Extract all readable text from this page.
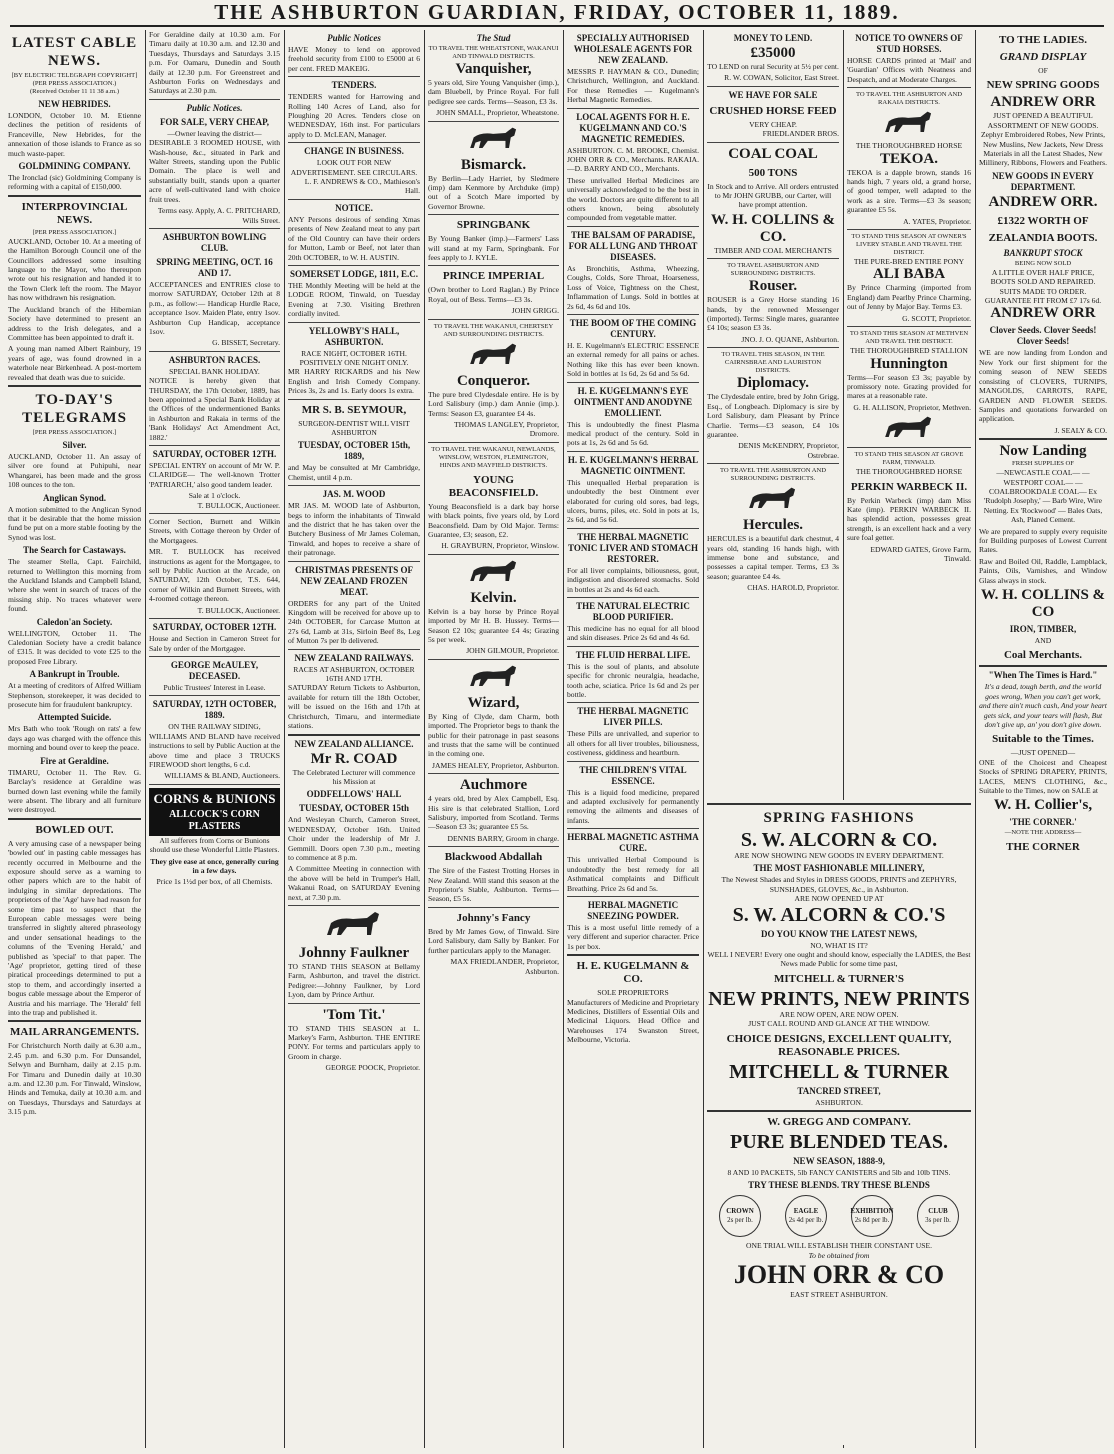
THE ASHBURTON GUARDIAN, FRIDAY, OCTOBER 11, 1889.
LATEST CABLE NEWS.
[BY ELECTRIC TELEGRAPH COPYRIGHT]
(PER PRESS ASSOCIATION.)
(Received October 11 11 38 a.m.)
NEW HEBRIDES.
LONDON, October 10. M. Etienne declines the petition of residents of Franceville, New Hebrides, for the annexation of those islands to France as so much waste-paper.
GOLDMINING COMPANY.
The Ironclad (sic) Goldmining Company is reforming with a capital of £150,000.
INTERPROVINCIAL NEWS.
[PER PRESS ASSOCIATION.]
AUCKLAND, October 10. At a meeting of the Hamilton Borough Council one of the Councillors addressed some insulting language to the Mayor, who thereupon wrote out his resignation and handed it to the Town Clerk left the room. The Mayor has now withdrawn his resignation.
The Auckland branch of the Hibernian Society have determined to present an address to the Irish delegates, and a Committee has been appointed to draft it.
A young man named Albert Rainbury, 19 years of age, was found drowned in a waterhole near Birkenhead. A post-mortem revealed that death was due to suicide.
TO-DAY'S TELEGRAMS
[PER PRESS ASSOCIATION.]
Silver.
AUCKLAND, October 11. An assay of silver ore found at Puhipuhi, near Whangarei, has been made and the gross 108 ounces to the ton.
Anglican Synod.
A motion submitted to the Anglican Synod that it be desirable that the home mission fund be put on a more stable footing by the Synod was lost.
The Search for Castaways.
The steamer Stella, Capt. Fairchild, returned to Wellington this morning from the Auckland Islands and Campbell Island, where she went in search of traces of the missing ship. No traces whatever were found.
Caledon'an Society.
WELLINGTON, October 11. The Caledonian Society have a credit balance of £315. It was decided to vote £25 to the proposed Free Library.
A Bankrupt in Trouble.
At a meeting of creditors of Alfred William Stephenson, storekeeper, it was decided to prosecute him for fraudulent bankruptcy.
Attempted Suicide.
Mrs Bath who took 'Rough on rats' a few days ago was charged with the offence this morning and bound over to keep the peace.
Fire at Geraldine.
TIMARU, October 11. The Rev. G. Barclay's residence at Geraldine was burned down last evening while the family were absent. The library and all furniture were destroyed.
BOWLED OUT.
A very amusing case of a newspaper being 'bowled out' in pasting cable messages has recently occurred in Melbourne and the exposure should serve as a warning to other papers which are to the habit of indulging in similar depredations. The proprietors of the 'Age' have had reason for some time past to suspect that the European cable messages were being transferred in slightly altered phraseology and under sensational headings to the columns of the 'Evening Herald,' and published as 'special' to that paper. The 'Age' proprietor, getting tired of these piratical proceedings determined to put a stop to them, and accordingly inserted a bogus cable message about the Emperor of Austria and his marriage. The 'Herald' fell into the trap and published it.
MAIL ARRANGEMENTS.
For Christchurch North daily at 6.30 a.m., 2.45 p.m. and 6.30 p.m. For Dunsandel, Selwyn and Burnham, daily at 2.15 p.m. For Timaru and Dunedin daily at 10.30 a.m. and 12.30 p.m. For Tinwald, Winslow, Hinds and Temuka, daily at 10.30 a.m. and on Tuesdays, Thursdays and Saturdays at 3.15 p.m.
For Geraldine daily at 10.30 a.m. For Timaru daily at 10.30 a.m. and 12.30 and Tuesdays, Thursdays and Saturdays 3.15 p.m. For Oamaru, Dunedin and South daily at 12.30 p.m. For Greenstreet and Ashburton Forks on Wednesdays and Saturdays at 2.30 p.m.
Public Notices.
FOR SALE, VERY CHEAP,
—Owner leaving the district—
DESIRABLE 3 ROOMED HOUSE, with Wash-house, &c., situated in Park and Walter Streets, standing upon the Public Domain. The place is well and substantially built, stands upon a quarter acre of well-cultivated land with choice fruit trees.
Terms easy. Apply, A. C. PRITCHARD, Wills Street.
ASHBURTON BOWLING CLUB.
SPRING MEETING, OCT. 16 AND 17.
ACCEPTANCES and ENTRIES close to morrow SATURDAY, October 12th at 8 p.m., as follow:— Handicap Hurdle Race, acceptance 1sov. Maiden Plate, entry 1sov. Ashburton Cup Handicap, acceptance 1sov.
G. BISSET, Secretary.
ASHBURTON RACES.
SPECIAL BANK HOLIDAY.
NOTICE is hereby given that THURSDAY, the 17th October, 1889, has been appointed a Special Bank Holiday at the Offices of the undermentioned Banks in Ashburton and Rakaia in terms of the 'Bank Holidays' Act Amendment Act, 1882.'
SATURDAY, OCTOBER 12TH.
SPECIAL ENTRY on account of Mr W. P. CLARIDGE— The well-known Trotter 'PATRIARCH,' also good tandem leader.
Sale at 1 o'clock.
T. BULLOCK, Auctioneer.
Corner Section, Burnett and Wilkin Streets, with Cottage thereon by Order of the Mortgagees.
MR. T. BULLOCK has received instructions as agent for the Mortgagee, to sell by Public Auction at the Arcade, on SATURDAY, 12th October, T.S. 644, corner of Wilkin and Burnett Streets, with 4-roomed cottage thereon.
T. BULLOCK, Auctioneer.
SATURDAY, OCTOBER 12TH.
House and Section in Cameron Street for Sale by order of the Mortgagee.
GEORGE McAULEY, DECEASED.
Public Trustees' Interest in Lease.
SATURDAY, 12TH OCTOBER, 1889.
ON THE RAILWAY SIDING,
WILLIAMS AND BLAND have received instructions to sell by Public Auction at the above time and place 3 TRUCKS FIREWOOD short lengths, 6 c.d.
WILLIAMS & BLAND, Auctioneers.
CORNS & BUNIONS
ALLCOCK'S CORN PLASTERS
All sufferers from Corns or Bunions should use these Wonderful Little Plasters.
They give ease at once, generally curing in a few days.
Price 1s 1½d per box, of all Chemists.
Public Notices
HAVE Money to lend on approved freehold security from £100 to £5000 at 6 per cent. FRED MAKEIG.
TENDERS.
TENDERS wanted for Harrowing and Rolling 140 Acres of Land, also for Ploughing 20 Acres. Tenders close on WEDNESDAY, 16th inst. For particulars apply to D. McLEAN, Manager.
CHANGE IN BUSINESS.
LOOK OUT FOR NEW ADVERTISEMENT. SEE CIRCULARS.
L. F. ANDREWS & CO., Mathieson's Hall.
NOTICE.
ANY Persons desirous of sending Xmas presents of New Zealand meat to any part of the Old Country can have their orders for Mutton, Lamb or Beef, not later than 20th OCTOBER, to W. H. AUSTIN.
SOMERSET LODGE, 1811, E.C.
THE Monthly Meeting will be held at the LODGE ROOM, Tinwald, on Tuesday Evening at 7.30. Visiting Brethren cordially invited.
YELLOWBY'S HALL, ASHBURTON.
RACE NIGHT, OCTOBER 16TH.
POSITIVELY ONE NIGHT ONLY.
MR HARRY RICKARDS and his New English and Irish Comedy Company. Prices 3s, 2s and 1s. Early doors 1s extra.
MR S. B. SEYMOUR,
SURGEON-DENTIST WILL VISIT
ASHBURTON
TUESDAY, OCTOBER 15th, 1889,
and May be consulted at Mr Cambridge, Chemist, until 4 p.m.
JAS. M. WOOD
MR JAS. M. WOOD late of Ashburton, begs to inform the inhabitants of Tinwald and the district that he has taken over the Butchery Business of Mr James Coleman, Tinwald, and hopes to receive a share of their patronage.
CHRISTMAS PRESENTS OF NEW ZEALAND FROZEN MEAT.
ORDERS for any part of the United Kingdom will be received for above up to 24th OCTOBER, for Carcase Mutton at 27s 6d, Lamb at 31s, Sirloin Beef 8s, Leg of Mutton 7s per lb delivered.
NEW ZEALAND RAILWAYS.
RACES AT ASHBURTON, OCTOBER 16TH AND 17TH.
SATURDAY Return Tickets to Ashburton, available for return till the 18th October, will be issued on the 16th and 17th at Christchurch, Timaru, and intermediate stations.
NEW ZEALAND ALLIANCE.
Mr R. COAD
The Celebrated Lecturer will commence his Mission at
ODDFELLOWS' HALL
TUESDAY, OCTOBER 15th
And Wesleyan Church, Cameron Street, WEDNESDAY, October 16th. United Choir under the leadership of Mr J. Gemmill. Doors open 7.30 p.m., meeting to commence at 8 p.m.
A Committee Meeting in connection with the above will be held in Trumper's Hall, Wakanui Road, on SATURDAY Evening next, at 7.30 p.m.
Johnny Faulkner
TO STAND THIS SEASON at Bellamy Farm, Ashburton, and travel the district. Pedigree:—Johnny Faulkner, by Lord Lyon, dam by Prince Arthur.
'Tom Tit.'
TO STAND THIS SEASON at L. Markey's Farm, Ashburton. THE ENTIRE PONY. For terms and particulars apply to Groom in charge.
GEORGE POOCK, Proprietor.
The Stud
TO TRAVEL THE WHEATSTONE, WAKANUI AND TINWALD DISTRICTS.
Vanquisher,
5 years old, Sire Young Vanquisher (imp.), dam Bluebell, by Prince Royal. For full pedigree see cards. Terms—Season, £3 3s.
JOHN SMALL, Proprietor, Wheatstone.
Bismarck.
By Berlin—Lady Harriet, by Sledmere (imp) dam Kenmore by Archduke (imp) out of a Scotch Mare imported by Governor Browne.
SPRINGBANK
By Young Banker (imp.)—Farmers' Lass will stand at my Farm, Springbank. For fees apply to J. KYLE.
PRINCE IMPERIAL
(Own brother to Lord Raglan.) By Prince Royal, out of Bess. Terms—£3 3s.
JOHN GRIGG.
TO TRAVEL THE WAKANUI, CHERTSEY AND SURROUNDING DISTRICTS.
Conqueror.
The pure bred Clydesdale entire. He is by Lord Salisbury (imp.) dam Annie (imp.). Terms: Season £3, guarantee £4 4s.
THOMAS LANGLEY, Proprietor, Dromore.
TO TRAVEL THE WAKANUI, NEWLANDS, WINSLOW, WESTON, FLEMINGTON, HINDS AND MAYFIELD DISTRICTS.
YOUNG BEACONSFIELD.
Young Beaconsfield is a dark bay horse with black points, five years old, by Lord Beaconsfield. Dam by Old Major. Terms: Guarantee, £3; season, £2.
H. GRAYBURN, Proprietor, Winslow.
Kelvin.
Kelvin is a bay horse by Prince Royal imported by Mr H. B. Hussey. Terms—Season £2 10s; guarantee £4 4s; Grazing 5s per week.
JOHN GILMOUR, Proprietor.
Wizard,
By King of Clyde, dam Charm, both imported. The Proprietor begs to thank the public for their patronage in past seasons and trusts that the same will be continued in the coming one.
JAMES HEALEY, Proprietor, Ashburton.
Auchmore
4 years old, bred by Alex Campbell, Esq. His sire is that celebrated Stallion, Lord Salisbury, imported from Scotland. Terms—Season £3 3s; guarantee £5 5s.
DENNIS BARRY, Groom in charge.
Blackwood Abdallah
The Sire of the Fastest Trotting Horses in New Zealand. Will stand this season at the Proprietor's Stable, Ashburton. Terms—Season, £5 5s.
Johnny's Fancy
Bred by Mr James Gow, of Tinwald. Sire Lord Salisbury, dam Sally by Banker. For further particulars apply to the Manager.
MAX FRIEDLANDER, Proprietor, Ashburton.
SPECIALLY AUTHORISED WHOLESALE AGENTS FOR NEW ZEALAND.
MESSRS P. HAYMAN & CO., Dunedin; Christchurch, Wellington, and Auckland. For these Remedies — Kugelmann's Herbal Magnetic Remedies.
LOCAL AGENTS FOR H. E. KUGELMANN AND CO.'S MAGNETIC REMEDIES.
ASHBURTON. C. M. BROOKE, Chemist. JOHN ORR & CO., Merchants. RAKAIA.—D. BARRY AND CO., Merchants.
These unrivalled Herbal Medicines are universally acknowledged to be the best in the world. Doctors are quite different to all others known, being absolutely compounded from vegetable matter.
THE BALSAM OF PARADISE, FOR ALL LUNG AND THROAT DISEASES.
As Bronchitis, Asthma, Wheezing, Coughs, Colds, Sore Throat, Hoarseness, Loss of Voice, Tightness on the Chest, Inflammation of Lungs. Sold in bottles at 2s 6d, 4s 6d and 10s.
THE BOOM OF THE COMING CENTURY.
H. E. Kugelmann's ELECTRIC ESSENCE an external remedy for all pains or aches. Nothing like this has ever been known. Sold in bottles at 1s 6d, 2s 6d and 5s 6d.
H. E. KUGELMANN'S EYE OINTMENT AND ANODYNE EMOLLIENT.
This is undoubtedly the finest Plasma medical product of the century. Sold in pots at 1s, 2s 6d and 5s 6d.
H. E. KUGELMANN'S HERBAL MAGNETIC OINTMENT.
This unequalled Herbal preparation is undoubtedly the best Ointment ever elaborated for curing old sores, bad legs, ulcers, burns, piles, etc. Sold in pots at 1s, 2s 6d, and 5s 6d.
THE HERBAL MAGNETIC TONIC LIVER AND STOMACH RESTORER.
For all liver complaints, biliousness, gout, indigestion and disordered stomachs. Sold in bottles at 2s and 4s 6d each.
THE NATURAL ELECTRIC BLOOD PURIFIER.
This medicine has no equal for all blood and skin diseases. Price 2s 6d and 4s 6d.
THE FLUID HERBAL LIFE.
This is the soul of plants, and absolute specific for chronic neuralgia, headache, tooth ache, sciatica. Price 1s 6d and 2s per bottle.
THE HERBAL MAGNETIC LIVER PILLS.
These Pills are unrivalled, and superior to all others for all liver troubles, biliousness, costiveness, giddiness and heartburn.
THE CHILDREN'S VITAL ESSENCE.
This is a liquid food medicine, prepared and adapted exclusively for permanently removing the ailments and diseases of infants.
HERBAL MAGNETIC ASTHMA CURE.
This unrivalled Herbal Compound is undoubtedly the best remedy for all Asthmatical complaints and Difficult Breathing. Price 2s 6d and 5s.
HERBAL MAGNETIC SNEEZING POWDER.
This is a most useful little remedy of a very different and superior character. Price 1s per box.
H. E. KUGELMANN & CO.
SOLE PROPRIETORS
Manufacturers of Medicine and Proprietary Medicines, Distillers of Essential Oils and Medicinal Liquors. Head Office and Warehouses 174 Swanston Street, Melbourne, Victoria.
MONEY TO LEND.
£35000
TO LEND on rural Security at 5½ per cent.
R. W. COWAN, Solicitor, East Street.
WE HAVE FOR SALE
CRUSHED HORSE FEED
VERY CHEAP.
FRIEDLANDER BROS.
COAL COAL
500 TONS
In Stock and to Arrive. All orders entrusted to Mr JOHN GRUBB, our Carter, will have prompt attention.
W. H. COLLINS & CO.
TIMBER AND COAL MERCHANTS
TO TRAVEL ASHBURTON AND SURROUNDING DISTRICTS.
Rouser.
ROUSER is a Grey Horse standing 16 hands, by the renowned Messenger (imported). Terms: Single mares, guarantee £4 10s; season £3 3s.
JNO. J. O. QUANE, Ashburton.
TO TRAVEL THIS SEASON, IN THE CAIRNSBRAE AND LAURISTON DISTRICTS.
Diplomacy.
The Clydesdale entire, bred by John Grigg, Esq., of Longbeach. Diplomacy is sire by Lord Salisbury, dam Pleasant by Prince Charlie. Terms—£3 season, £4 10s guarantee.
DENIS McKENDRY, Proprietor, Ostrebrae.
TO TRAVEL THE ASHBURTON AND SURROUNDING DISTRICTS.
Hercules.
HERCULES is a beautiful dark chestnut, 4 years old, standing 16 hands high, with immense bone and substance, and possesses a capital temper. Terms, £3 3s season; guarantee £4 4s.
CHAS. HAROLD, Proprietor.
SPRING FASHIONS
S. W. ALCORN & CO.
ARE NOW SHOWING NEW GOODS IN EVERY DEPARTMENT.
THE MOST FASHIONABLE MILLINERY,
The Newest Shades and Styles in DRESS GOODS, PRINTS and ZEPHYRS, SUNSHADES, GLOVES, &c., in Ashburton.
ARE NOW OPENED UP AT
S. W. ALCORN & CO.'S
DO YOU KNOW THE LATEST NEWS,
NO, WHAT IS IT?
WELL I NEVER! Every one ought and should know, especially the LADIES, the Best News made Public for some time past,
MITCHELL & TURNER'S
NEW PRINTS, NEW PRINTS
ARE NOW OPEN, ARE NOW OPEN.
JUST CALL ROUND AND GLANCE AT THE WINDOW.
CHOICE DESIGNS, EXCELLENT QUALITY, REASONABLE PRICES.
MITCHELL & TURNER
TANCRED STREET,
ASHBURTON.
W. GREGG AND COMPANY.
PURE BLENDED TEAS.
NEW SEASON, 1888-9,
8 AND 10 PACKETS, 5lb FANCY CANISTERS and 5lb and 10lb TINS.
TRY THESE BLENDS. TRY THESE BLENDS
CROWN
2s per lb.
EAGLE
2s 4d per lb.
EXHIBITION
2s 8d per lb.
CLUB
3s per lb.
ONE TRIAL WILL ESTABLISH THEIR CONSTANT USE.
To be obtained from
JOHN ORR & CO
EAST STREET ASHBURTON.
NOTICE TO OWNERS OF STUD HORSES.
HORSE CARDS printed at 'Mail' and 'Guardian' Offices with Neatness and Despatch, and at Moderate Charges.
TO TRAVEL THE ASHBURTON AND RAKAIA DISTRICTS.
THE THOROUGHBRED HORSE
TEKOA.
TEKOA is a dapple brown, stands 16 hands high, 7 years old, a grand horse, of good temper, well adapted to the work as a sire. Terms—£3 3s season; guarantee £5 5s.
A. YATES, Proprietor.
TO STAND THIS SEASON AT OWNER'S LIVERY STABLE AND TRAVEL THE DISTRICT.
THE PURE-BRED ENTIRE PONY
ALI BABA
By Prince Charming (imported from England) dam Pearlby Prince Charming, out of Jenny by Major Bay. Terms £3.
G. SCOTT, Proprietor.
TO STAND THIS SEASON AT METHVEN AND TRAVEL THE DISTRICT.
THE THOROUGHBRED STALLION
Hunnington
Terms—For season £3 3s; payable by promissory note. Grazing provided for mares at a reasonable rate.
G. H. ALLISON, Proprietor, Methven.
TO STAND THIS SEASON AT GROVE FARM, TINWALD.
THE THOROUGHBRED HORSE
PERKIN WARBECK II.
By Perkin Warbeck (imp) dam Miss Kate (imp). PERKIN WARBECK II. has splendid action, possesses great strength, is an excellent hack and a very sure foal getter.
EDWARD GATES, Grove Farm, Tinwald.
TO THE LADIES.
GRAND DISPLAY
OF
NEW SPRING GOODS
ANDREW ORR
JUST OPENED A BEAUTIFUL ASSORTMENT OF NEW GOODS. Zephyr Embroidered Robes, New Prints, New Muslins, New Jackets, New Dress Materials in all the Latest Shades, New Millinery, Ribbons, Flowers and Feathers.
NEW GOODS IN EVERY DEPARTMENT.
ANDREW ORR.
£1322 WORTH OF
ZEALANDIA BOOTS.
BANKRUPT STOCK
BEING NOW SOLD
A LITTLE OVER HALF PRICE,
BOOTS SOLD AND REPAIRED.
SUITS MADE TO ORDER.
GUARANTEE FIT FROM £7 17s 6d.
ANDREW ORR
Clover Seeds. Clover Seeds! Clover Seeds!
WE are now landing from London and New York our first shipment for the coming season of NEW SEEDS consisting of CLOVERS, TURNIPS, MANGOLDS, CARROTS, RAPE, GARDEN AND FLOWER SEEDS. Samples and quotations forwarded on application.
J. SEALY & CO.
Now Landing
FRESH SUPPLIES OF
—NEWCASTLE COAL— —WESTPORT COAL— —COALBROOKDALE COAL— Ex 'Rudolph Josephy,' — Barb Wire, Wire Netting. Ex 'Rockwood' — Bales Oats, Ash, Planed Cement.
We are prepared to supply every requisite for Building purposes of Lowest Current Rates.
Raw and Boiled Oil, Raddle, Lampblack, Paints, Oils, Varnishes, and Window Glass always in stock.
W. H. COLLINS & CO
IRON, TIMBER,
AND
Coal Merchants.
"When The Times is Hard."
It's a dead, tough berth, and the world goes wrong, When you can't get work, and there ain't much cash, And your heart gets sick, and your tears will flash, But don't give up, an' you don't give down.
Suitable to the Times.
—JUST OPENED—
ONE of the Choicest and Cheapest Stocks of SPRING DRAPERY, PRINTS, LACES, MEN'S CLOTHING, &c., Suitable to the Times, now on SALE at
W. H. Collier's,
'THE CORNER.'
—NOTE THE ADDRESS—
THE CORNER
